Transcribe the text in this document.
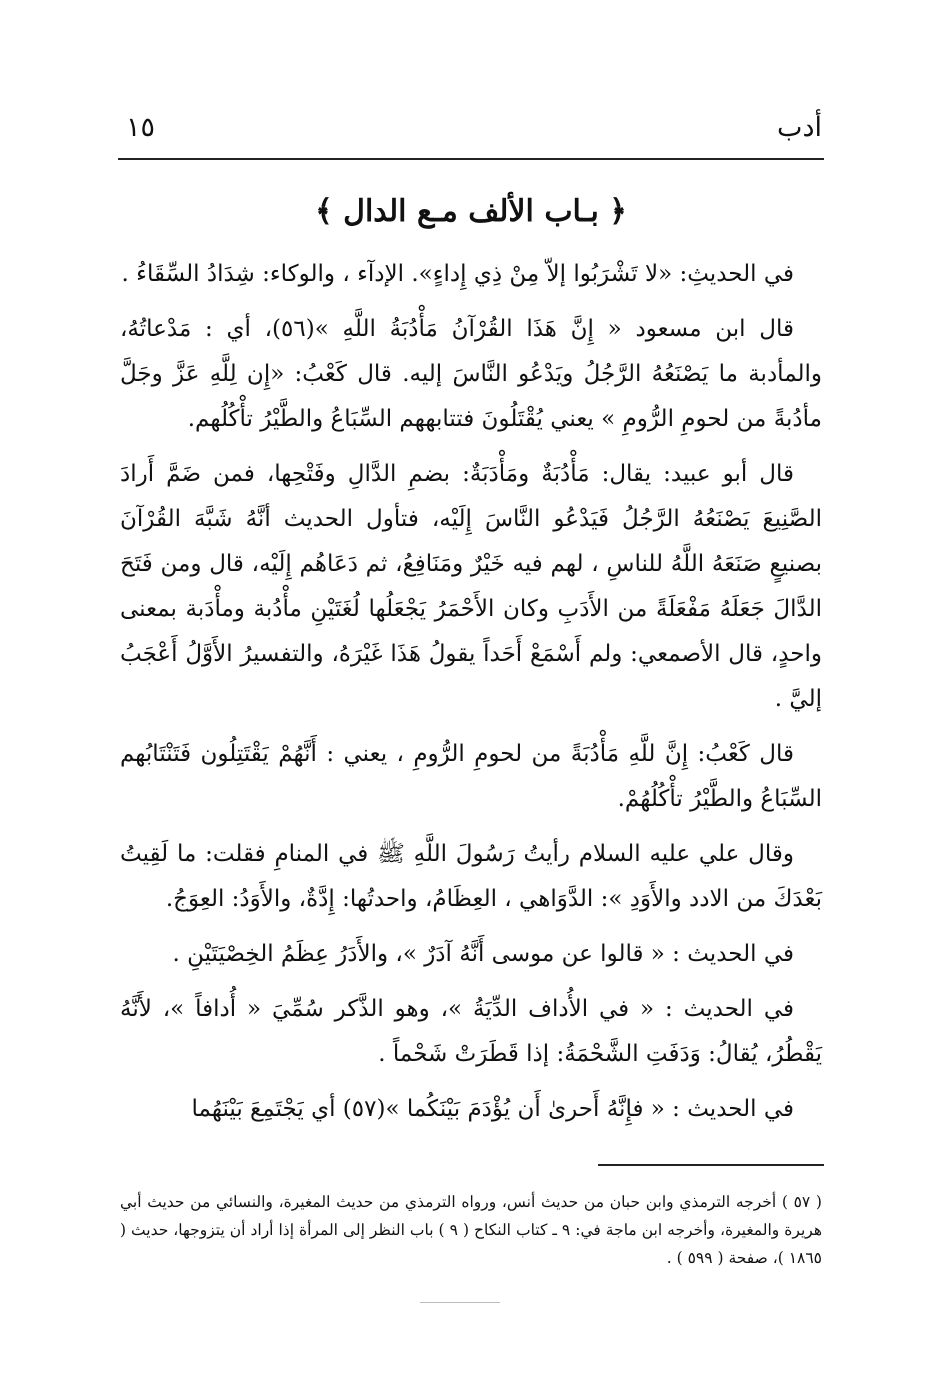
أدب
١٥
﴿ بـاب الألف مـع الدال ﴾

في الحديثِ: «لا تَشْرَبُوا إلاّ مِنْ ذِي إِداءٍ». الإدآء ، والوكاء: شِدَادُ السِّقَاءُ .

قال ابن مسعود « إِنَّ هَذَا القُرْآنُ مَأْدُبَةُ اللَّهِ »(٥٦)، أي : مَدْعاتُهُ، والمأدبة ما يَصْنَعُهُ الرَّجُلُ ويَدْعُو النَّاسَ إليه. قال كَعْبُ: «إِن لِلَّهِ عَزَّ وجَلَّ مأدُبةً من لحومِ الرُّومِ » يعني يُقْتَلُونَ فتتابههم السِّبَاعُ والطَّيْرُ تأْكُلُهم.

قال أبو عبيد: يقال: مَأْدُبَةٌ ومَأْدَبَةٌ: بضمِ الدَّالِ وفَتْحِها، فمن ضَمَّ أَرادَ الصَّنِيعَ يَصْنَعُهُ الرَّجُلُ فَيَدْعُو النَّاسَ إِلَيْه، فتأول الحديث أنَّهُ شَبَّهَ القُرْآنَ بصنيعٍ صَنَعَهُ اللَّهُ للناسِ ، لهم فيه خَيْرٌ ومَنَافِعُ، ثم دَعَاهُم إِلَيْه، قال ومن فَتَحَ الدَّالَ جَعَلَهُ مَفْعَلَةً من الأَدَبِ وكان الأَحْمَرُ يَجْعَلُها لُغَتَيْنِ مأْدُبة ومأْدَبة بمعنى واحدٍ، قال الأصمعي: ولم أَسْمَعْ أَحَداً يقولُ هَذَا غَيْرَهُ، والتفسيرُ الأَوَّلُ أَعْجَبُ إليَّ .

قال كَعْبُ: إِنَّ للَّهِ مَأْدُبَةً من لحومِ الرُّومِ ، يعني : أَنَّهُمْ يَقْتَتِلُون فَتَنْتَابُهم السِّبَاعُ والطَّيْرُ تأْكُلُهُمْ.

وقال علي عليه السلام رأيتُ رَسُولَ اللَّهِ ﷺ في المنامِ فقلت: ما لَقِيتُ بَعْدَكَ من الادد والأَوَدِ »: الدَّوَاهي ، العِظَامُ، واحدتُها: إِدَّةٌ، والأَوَدُ: العِوَجُ.

في الحديث : « قالوا عن موسى أَنَّهُ آدَرٌ »، والأَدَرُ عِظَمُ الخِصْيَتَيْنِ .

في الحديث : « في الأُداف الدِّيَةُ »، وهو الذَّكر سُمِّيَ « أُدافاً »، لأَنَّهُ يَقْطُرُ، يُقالُ: وَدَفَتِ الشَّحْمَةُ: إذا قَطَرَتْ شَحْماً .

في الحديث : « فإِنَّهُ أَحرىٰ أَن يُؤْدَمَ بَيْنَكُما »(٥٧) أي يَجْتَمِعَ بَيْنَهُما

( ٥٧ ) أخرجه الترمذي وابن حبان من حديث أنس، ورواه الترمذي من حديث المغيرة، والنسائي من حديث أبي هريرة والمغيرة، وأخرجه ابن ماجة في: ٩ ـ كتاب النكاح ( ٩ ) باب النظر إلى المرأة إذا أراد أن يتزوجها، حديث ( ١٨٦٥ )، صفحة ( ٥٩٩ ) .
